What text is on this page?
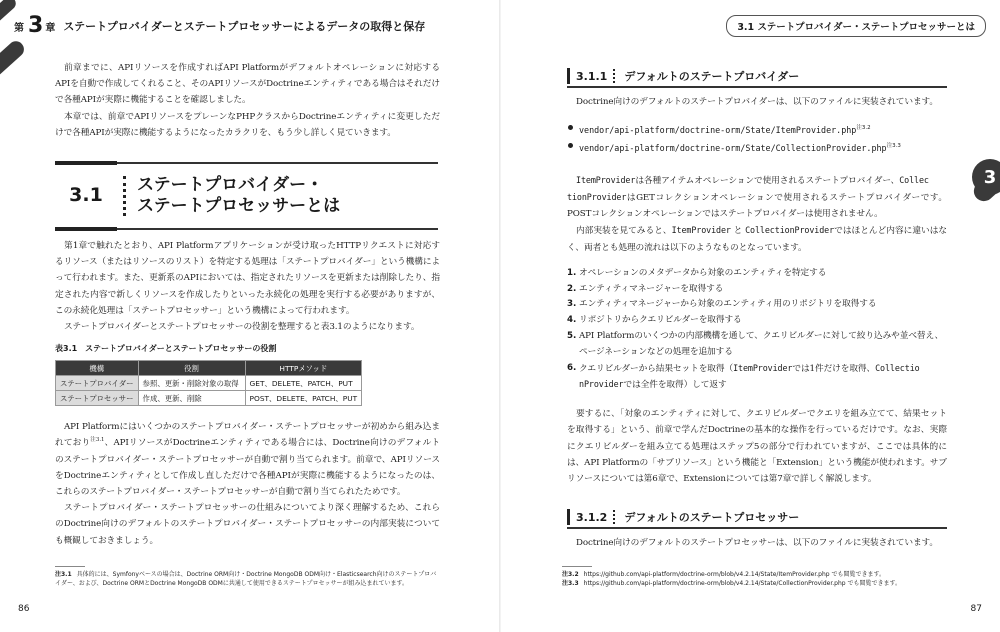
第 3 章 ステートプロバイダーとステートプロセッサーによるデータの取得と保存	3.1 ステートプロバイダー・ステートプロセッサーとは
3

前章までに、APIリソースを作成すればAPI Platformがデフォルトオペレーションに対応するAPIを自動で作成してくれること、そのAPIリソースがDoctrineエンティティである場合はそれだけで各種APIが実際に機能することを確認しました。

本章では、前章でAPIリソースをプレーンなPHPクラスからDoctrineエンティティに変更しただけで各種APIが実際に機能するようになったカラクリを、もう少し詳しく見ていきます。

3.1	ステートプロバイダー・
ステートプロセッサーとは

第1章で触れたとおり、API Platformアプリケーションが受け取ったHTTPリクエストに対応するリソース（またはリソースのリスト）を特定する処理は「ステートプロバイダー」という機構によって行われます。また、更新系のAPIにおいては、指定されたリソースを更新または削除したり、指定された内容で新しくリソースを作成したりといった永続化の処理を実行する必要がありますが、この永続化処理は「ステートプロセッサー」という機構によって行われます。

ステートプロバイダーとステートプロセッサーの役割を整理すると表3.1のようになります。

表3.1　ステートプロバイダーとステートプロセッサーの役割

機構	役割	HTTPメソッド
ステートプロバイダー	参照、更新・削除対象の取得	GET、DELETE、PATCH、PUT
ステートプロセッサー	作成、更新、削除	POST、DELETE、PATCH、PUT

API Platformにはいくつかのステートプロバイダー・ステートプロセッサーが初めから組み込まれており$^{注3.1}$、APIリソースがDoctrineエンティティである場合には、Doctrine向けのデフォルトのステートプロバイダー・ステートプロセッサーが自動で割り当てられます。前章で、APIリソースをDoctrineエンティティとして作成し直しただけで各種APIが実際に機能するようになったのは、これらのステートプロバイダー・ステートプロセッサーが自動で割り当てられたためです。

ステートプロバイダー・ステートプロセッサーの仕組みについてより深く理解するため、これらのDoctrine向けのデフォルトのステートプロバイダー・ステートプロセッサーの内部実装についても概観しておきましょう。

注3.1 具体的には、Symfonyベースの場合は、Doctrine ORM向け・Doctrine MongoDB ODM向け・Elasticsearch向けのステートプロバイダー、および、Doctrine ORMとDoctrine MongoDB ODMに共通して使用できるステートプロセッサーが組み込まれています。
86
3.1.1 デフォルトのステートプロバイダー

Doctrine向けのデフォルトのステートプロバイダーは、以下のファイルに実装されています。

vendor/api-platform/doctrine-orm/State/ItemProvider.php$^{注3.2}$
vendor/api-platform/doctrine-orm/State/CollectionProvider.php$^{注3.3}$

ItemProviderは各種アイテムオペレーションで使用されるステートプロバイダー、Collec
tionProviderはGETコレクションオペレーションで使用されるステートプロバイダーです。POSTコレクションオペレーションではステートプロバイダーは使用されません。

内部実装を見てみると、ItemProvider と CollectionProviderではほとんど内容に違いはなく、両者とも処理の流れは以下のようなものとなっています。

1. オペレーションのメタデータから対象のエンティティを特定する
2. エンティティマネージャーを取得する
3. エンティティマネージャーから対象のエンティティ用のリポジトリを取得する
4. リポジトリからクエリビルダーを取得する
5. API Platformのいくつかの内部機構を通して、クエリビルダーに対して絞り込みや並べ替え、ページネーションなどの処理を追加する
6. クエリビルダーから結果セットを取得（ItemProviderでは1件だけを取得、Collectio
nProviderでは全件を取得）して返す

要するに、「対象のエンティティに対して、クエリビルダーでクエリを組み立てて、結果セットを取得する」という、前章で学んだDoctrineの基本的な操作を行っているだけです。なお、実際にクエリビルダーを組み立てる処理はステップ5の部分で行われていますが、ここでは具体的には、API Platformの「サブリソース」という機能と「Extension」という機能が使われます。サブリソースについては第6章で、Extensionについては第7章で詳しく解説します。

3.1.2 デフォルトのステートプロセッサー

Doctrine向けのデフォルトのステートプロセッサーは、以下のファイルに実装されています。

注3.2 https://github.com/api-platform/doctrine-orm/blob/v4.2.14/State/ItemProvider.php でも閲覧できます。
注3.3 https://github.com/api-platform/doctrine-orm/blob/v4.2.14/State/CollectionProvider.php でも閲覧できます。
87
